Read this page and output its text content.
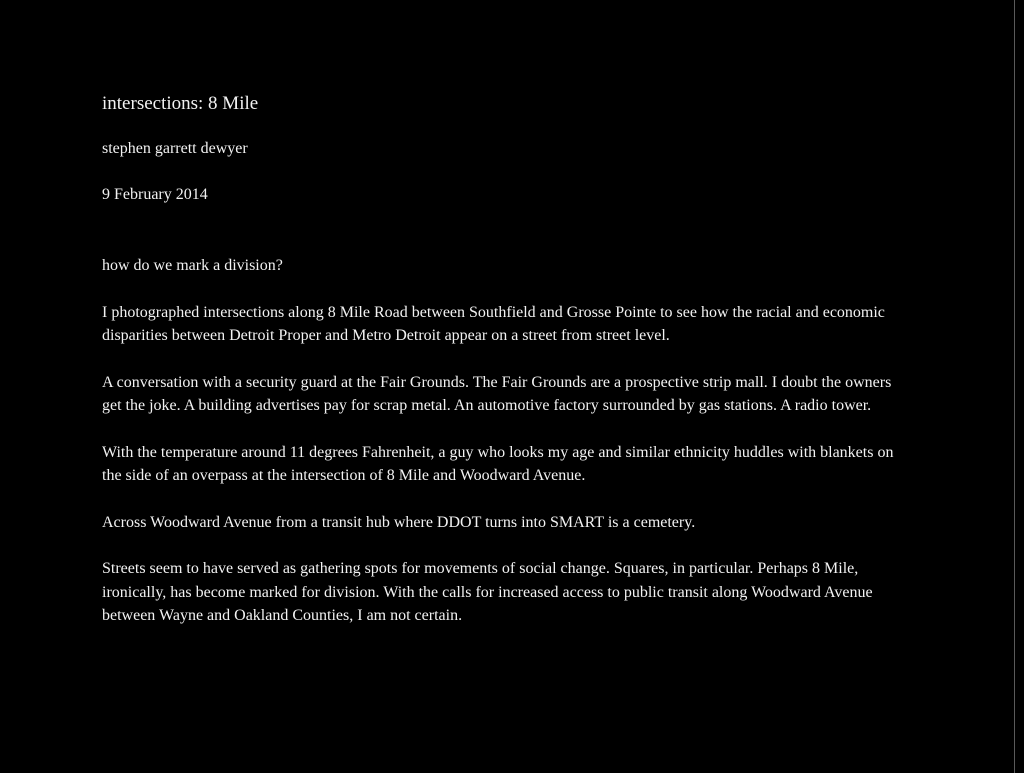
intersections: 8 Mile
stephen garrett dewyer
9 February 2014

how do we mark a division?

I photographed intersections along 8 Mile Road between Southfield and Grosse Pointe to see how the racial and economic disparities between Detroit Proper and Metro Detroit appear on a street from street level.

A conversation with a security guard at the Fair Grounds. The Fair Grounds are a prospective strip mall. I doubt the owners get the joke. A building advertises pay for scrap metal. An automotive factory surrounded by gas stations. A radio tower.

With the temperature around 11 degrees Fahrenheit, a guy who looks my age and similar ethnicity huddles with blankets on the side of an overpass at the intersection of 8 Mile and Woodward Avenue.

Across Woodward Avenue from a transit hub where DDOT turns into SMART is a cemetery.

Streets seem to have served as gathering spots for movements of social change. Squares, in particular. Perhaps 8 Mile, ironically, has become marked for division. With the calls for increased access to public transit along Woodward Avenue between Wayne and Oakland Counties, I am not certain.
